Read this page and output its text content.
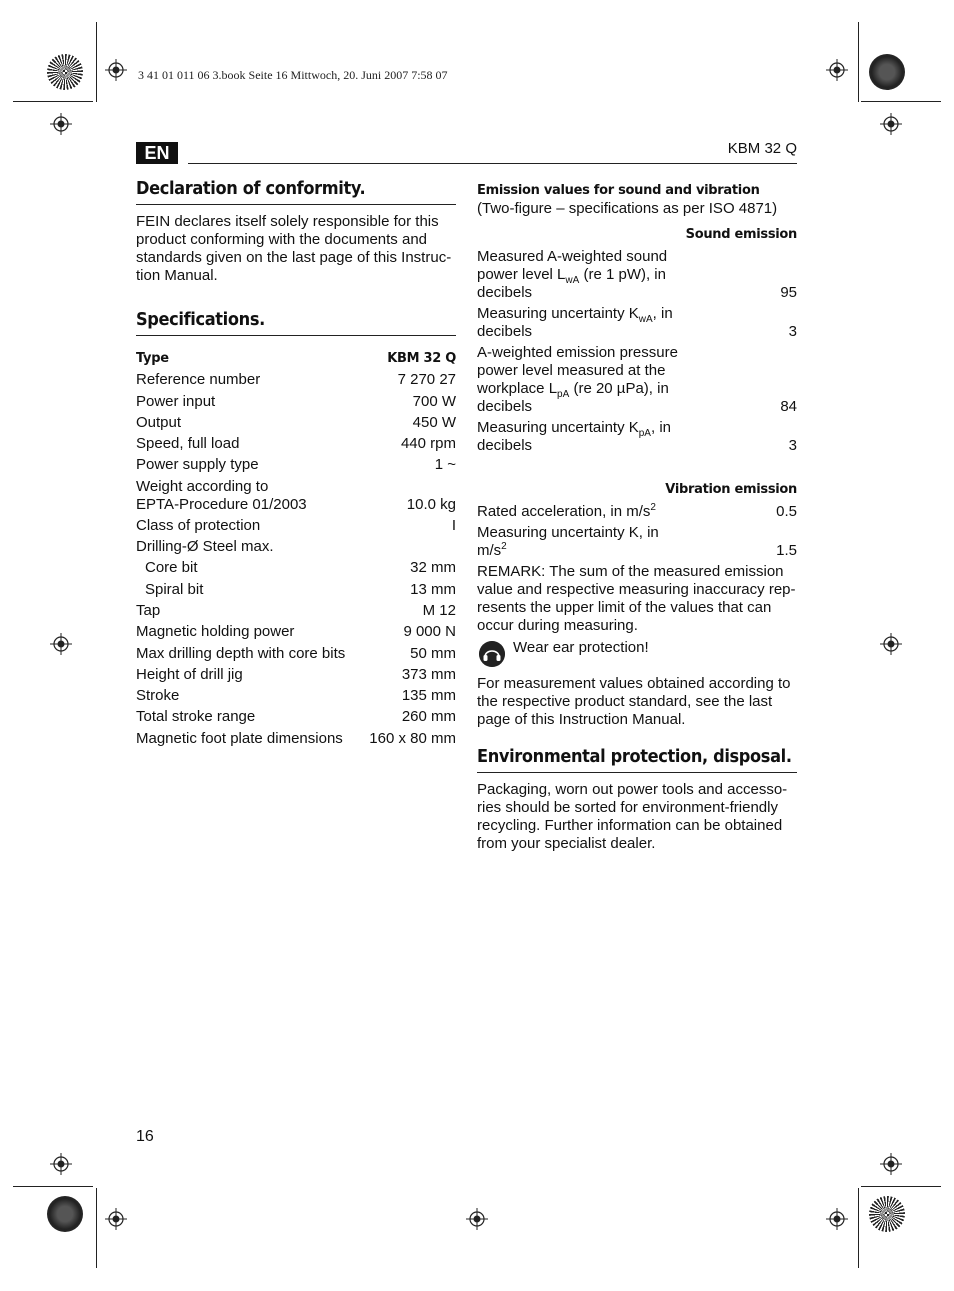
3 41 01 011 06 3.book Seite 16 Mittwoch, 20. Juni 2007 7:58 07
EN	KBM 32 Q
Declaration of conformity.

FEIN declares itself solely responsible for this

product conforming with the documents and

standards given on the last page of this Instruc-

tion Manual.

Specifications.
Type	KBM 32 Q
Reference number	7 270 27
Power input	700 W
Output	450 W
Speed, full load	440 rpm
Power supply type	1 ~
Weight according to
EPTA-Procedure 01/2003	10.0 kg
Class of protection	I
Drilling-Ø Steel max.
Core bit	32 mm
Spiral bit	13 mm
Tap	M 12
Magnetic holding power	9 000 N
Max drilling depth with core bits	50 mm
Height of drill jig	373 mm
Stroke	135 mm
Total stroke range	260 mm
Magnetic foot plate dimensions	160 x 80 mm
Emission values for sound and vibration

(Two-figure – specifications as per ISO 4871)

Sound emission
Measured A-weighted sound
power level $L_{wA}$ (re 1 pW), in
decibels	95
Measuring uncertainty $K_{wA}$, in
decibels	3
A-weighted emission pressure
power level measured at the
workplace $L_{pA}$ (re 20 µPa), in
decibels	84
Measuring uncertainty $K_{pA}$, in
decibels	3
Vibration emission
Rated acceleration, in $m/s^2$	0.5
Measuring uncertainty K, in
$m/s^2$	1.5

REMARK: The sum of the measured emission

value and respective measuring inaccuracy rep-

resents the upper limit of the values that can

occur during measuring.

Wear ear protection!

For measurement values obtained according to

the respective product standard, see the last

page of this Instruction Manual.

Environmental protection, disposal.

Packaging, worn out power tools and accesso-

ries should be sorted for environment-friendly

recycling. Further information can be obtained

from your specialist dealer.

16
